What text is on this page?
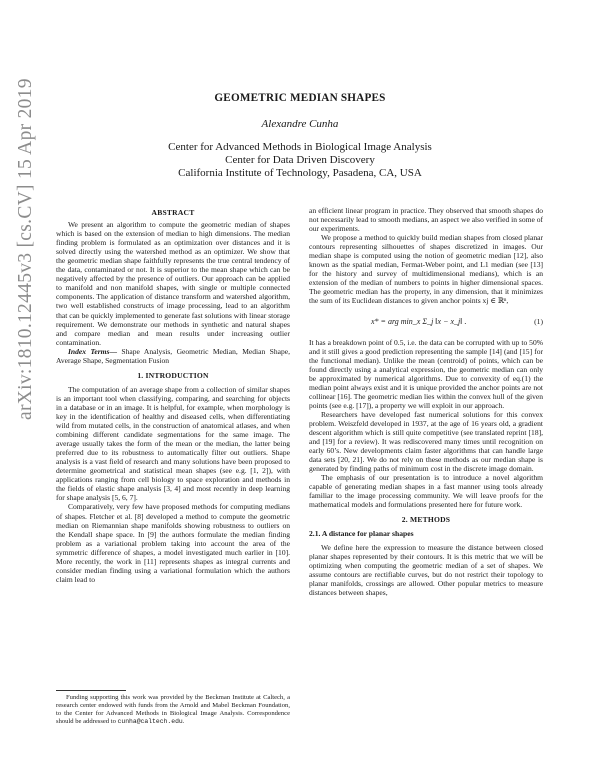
arXiv:1810.12445v3 [cs.CV] 15 Apr 2019	GEOMETRIC MEDIAN SHAPES
Alexandre Cunha
Center for Advanced Methods in Biological Image Analysis
Center for Data Driven Discovery
California Institute of Technology, Pasadena, CA, USA
ABSTRACT

We present an algorithm to compute the geometric median of shapes which is based on the extension of median to high dimensions. The median finding problem is formulated as an optimization over distances and it is solved directly using the watershed method as an optimizer. We show that the geometric median shape faithfully represents the true central tendency of the data, contaminated or not. It is superior to the mean shape which can be negatively affected by the presence of outliers. Our approach can be applied to manifold and non manifold shapes, with single or multiple connected components. The application of distance transform and watershed algorithm, two well established constructs of image processing, lead to an algorithm that can be quickly implemented to generate fast solutions with linear storage requirement. We demonstrate our methods in synthetic and natural shapes and compare median and mean results under increasing outlier contamination.

Index Terms— Shape Analysis, Geometric Median, Median Shape, Average Shape, Segmentation Fusion

1. INTRODUCTION

The computation of an average shape from a collection of similar shapes is an important tool when classifying, comparing, and searching for objects in a database or in an image. It is helpful, for example, when morphology is key in the identification of healthy and diseased cells, when differentiating wild from mutated cells, in the construction of anatomical atlases, and when combining different candidate segmentations for the same image. The average usually takes the form of the mean or the median, the latter being preferred due to its robustness to automatically filter out outliers. Shape analysis is a vast field of research and many solutions have been proposed to determine geometrical and statistical mean shapes (see e.g. [1, 2]), with applications ranging from cell biology to space exploration and methods in the fields of elastic shape analysis [3, 4] and most recently in deep learning for shape analysis [5, 6, 7].

Comparatively, very few have proposed methods for computing medians of shapes. Fletcher et al. [8] developed a method to compute the geometric median on Riemannian shape manifolds showing robustness to outliers on the Kendall shape space. In [9] the authors formulate the median finding problem as a variational problem taking into account the area of the symmetric difference of shapes, a model investigated much earlier in [10]. More recently, the work in [11] represents shapes as integral currents and consider median finding using a variational formulation which the authors claim lead to

an efficient linear program in practice. They observed that smooth shapes do not necessarily lead to smooth medians, an aspect we also verified in some of our experiments.

We propose a method to quickly build median shapes from closed planar contours representing silhouettes of shapes discretized in images. Our median shape is computed using the notion of geometric median [12], also known as the spatial median, Fermat-Weber point, and L1 median (see [13] for the history and survey of multidimensional medians), which is an extension of the median of numbers to points in higher dimensional spaces. The geometric median has the property, in any dimension, that it minimizes the sum of its Euclidean distances to given anchor points xj ∈ ℝⁿ,

x* = arg min_x Σ_j ‖x − x_j‖ .	(1)

It has a breakdown point of 0.5, i.e. the data can be corrupted with up to 50% and it still gives a good prediction representing the sample [14] (and [15] for the functional median). Unlike the mean (centroid) of points, which can be found directly using a analytical expression, the geometric median can only be approximated by numerical algorithms. Due to convexity of eq.(1) the median point always exist and it is unique provided the anchor points are not collinear [16]. The geometric median lies within the convex hull of the given points (see e.g. [17]), a property we will exploit in our approach.

Researchers have developed fast numerical solutions for this convex problem. Weiszfeld developed in 1937, at the age of 16 years old, a gradient descent algorithm which is still quite competitive (see translated reprint [18], and [19] for a review). It was rediscovered many times until recognition on early 60’s. New developments claim faster algorithms that can handle large data sets [20, 21]. We do not rely on these methods as our median shape is generated by finding paths of minimum cost in the discrete image domain.

The emphasis of our presentation is to introduce a novel algorithm capable of generating median shapes in a fast manner using tools already familiar to the image processing community. We will leave proofs for the mathematical models and formulations presented here for future work.

2. METHODS
2.1. A distance for planar shapes

We define here the expression to measure the distance between closed planar shapes represented by their contours. It is this metric that we will be optimizing when computing the geometric median of a set of shapes. We assume contours are rectifiable curves, but do not restrict their topology to planar manifolds, crossings are allowed. Other popular metrics to measure distances between shapes,

Funding supporting this work was provided by the Beckman Institute at Caltech, a research center endowed with funds from the Arnold and Mabel Beckman Foundation, to the Center for Advanced Methods in Biological Image Analysis. Correspondence should be addressed to cunha@caltech.edu.
